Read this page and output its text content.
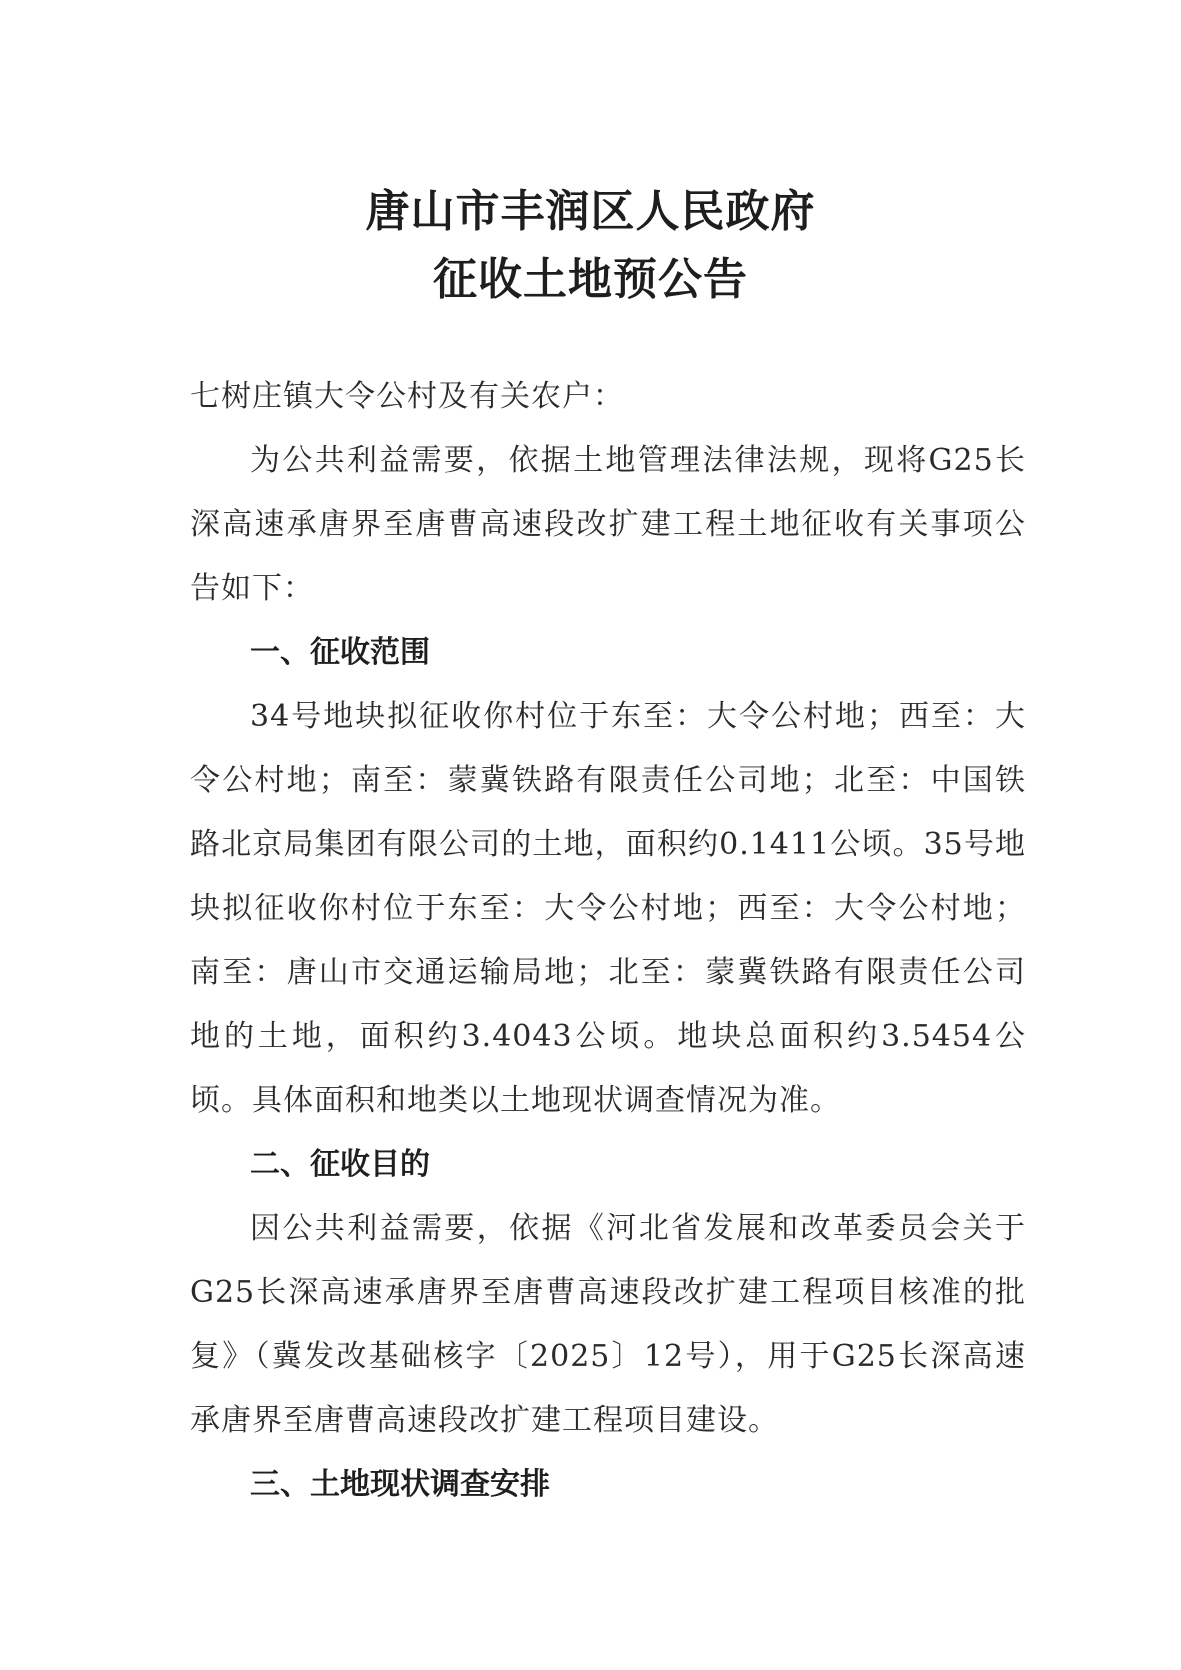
唐山市丰润区人民政府
征收土地预公告

七树庄镇大令公村及有关农户：

为公共利益需要，依据土地管理法律法规，现将G25长深高速承唐界至唐曹高速段改扩建工程土地征收有关事项公告如下：

一、征收范围

34号地块拟征收你村位于东至：大令公村地；西至：大令公村地；南至：蒙冀铁路有限责任公司地；北至：中国铁路北京局集团有限公司的土地，面积约0.1411公顷。35号地块拟征收你村位于东至：大令公村地；西至：大令公村地；南至：唐山市交通运输局地；北至：蒙冀铁路有限责任公司地的土地，面积约3.4043公顷。地块总面积约3.5454公顷。具体面积和地类以土地现状调查情况为准。

二、征收目的

因公共利益需要，依据《河北省发展和改革委员会关于G25长深高速承唐界至唐曹高速段改扩建工程项目核准的批复》（冀发改基础核字〔2025〕12号），用于G25长深高速承唐界至唐曹高速段改扩建工程项目建设。

三、土地现状调查安排
